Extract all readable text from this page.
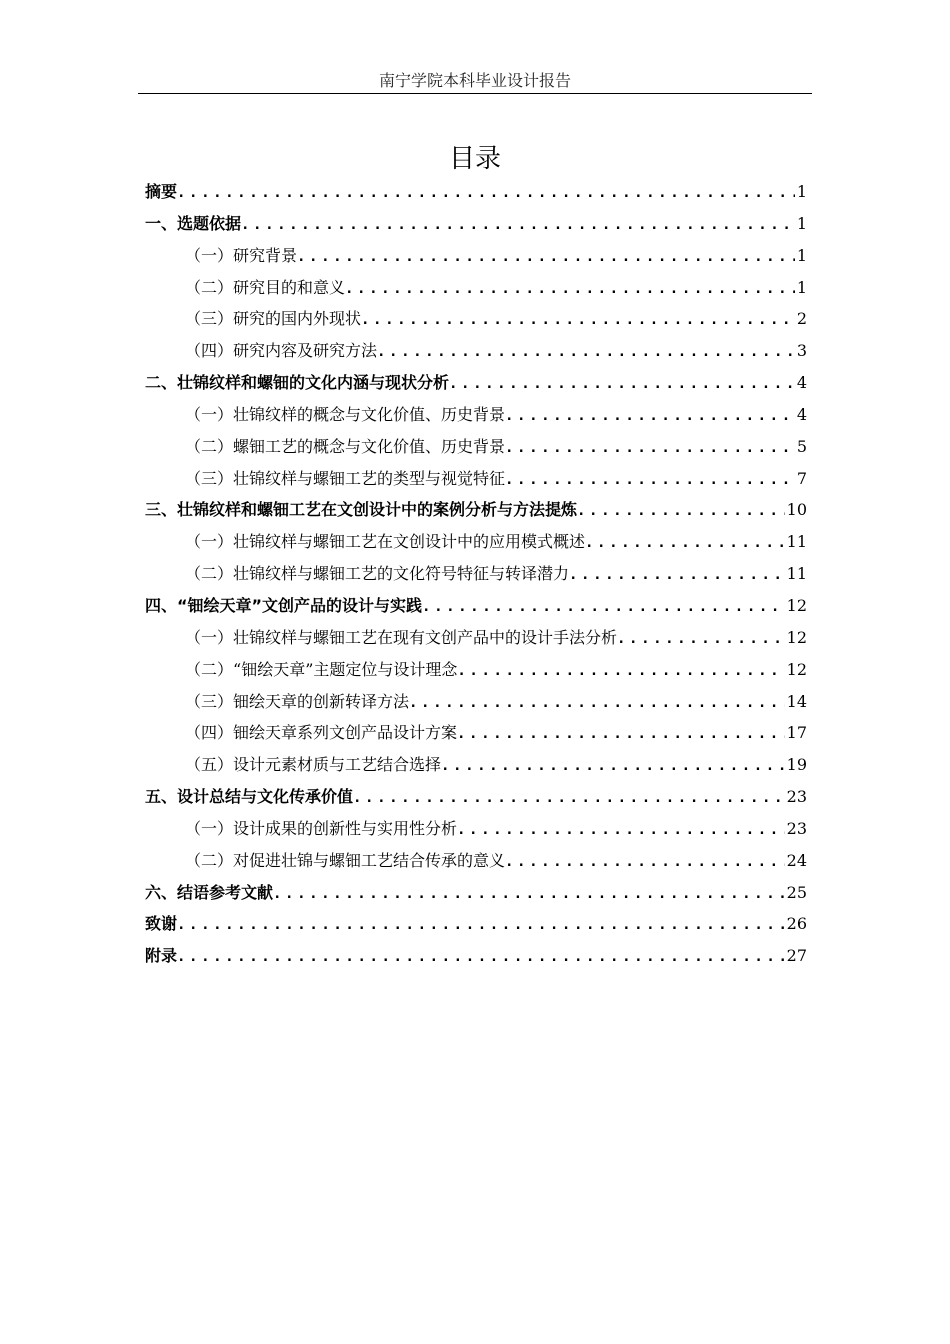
南宁学院本科毕业设计报告
目录
摘要 .....	1
一、 选题依据 .....	1
（一） 研究背景 .....	1
（二） 研究目的和意义 .....	1
（三） 研究的国内外现状 .....	2
（四） 研究内容及研究方法 .....	3
二、 壮锦纹样和螺钿的文化内涵与现状分析 .....	4
（一） 壮锦纹样的概念与文化价值、历史背景 .....	4
（二） 螺钿工艺的概念与文化价值、历史背景 .....	5
（三） 壮锦纹样与螺钿工艺的类型与视觉特征 .....	7
三、壮锦纹样和螺钿工艺在文创设计中的案例分析与方法提炼 .....	10
（一） 壮锦纹样与螺钿工艺在文创设计中的应用模式概述 .....	11
（二） 壮锦纹样与螺钿工艺的文化符号特征与转译潜力 .....	11
四、“钿绘天章”文创产品的设计与实践 .....	12
（一） 壮锦纹样与螺钿工艺在现有文创产品中的设计手法分析 .....	12
（二） “钿绘天章”主题定位与设计理念 .....	12
（三） 钿绘天章的创新转译方法 .....	14
（四） 钿绘天章系列文创产品设计方案 .....	17
（五） 设计元素材质与工艺结合选择 .....	19
五、设计总结与文化传承价值 .....	23
（一） 设计成果的创新性与实用性分析 .....	23
（二） 对促进壮锦与螺钿工艺结合传承的意义 .....	24
六、结语参考文献 .....	25
致谢 .....	26
附录 .....	27
